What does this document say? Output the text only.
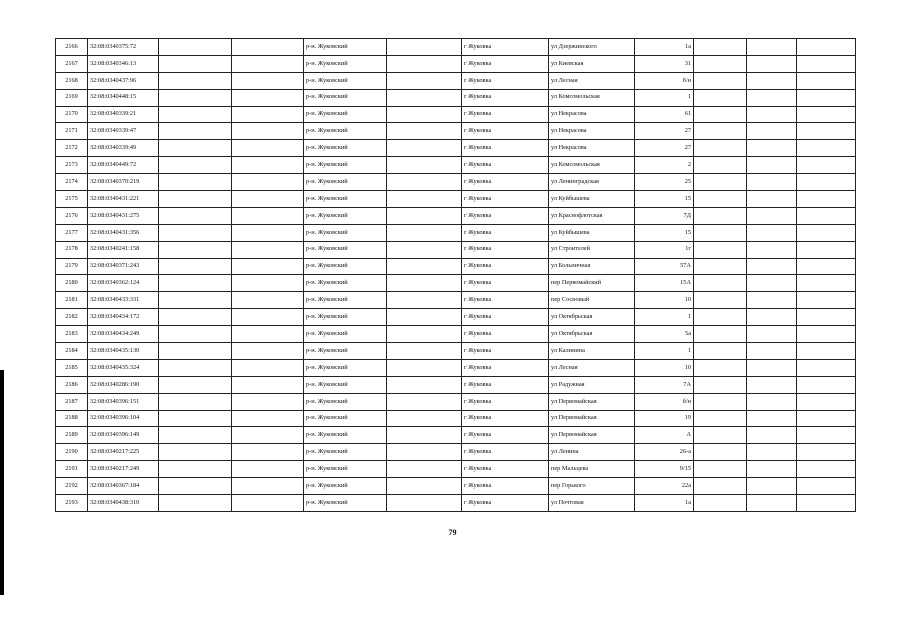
2166	32:08:0340375:72			р-н. Жуковский		г Жуковка	ул Дзержинского	1а			
2167	32:08:0340346:13			р-н. Жуковский		г Жуковка	ул Киевская	31			
2168	32:08:0340437:96			р-н. Жуковский		г Жуковка	ул Лесная	б/н			
2169	32:08:0340448:15			р-н. Жуковский		г Жуковка	ул Комсомольская	1			
2170	32:08:0340339:21			р-н. Жуковский		г Жуковка	ул Некрасова	61			
2171	32:08:0340339:47			р-н. Жуковский		г Жуковка	ул Некрасова	27			
2172	32:08:0340339:49			р-н. Жуковский		г Жуковка	ул Некрасова	27			
2173	32:08:0340449:72			р-н. Жуковский		г Жуковка	ул Комсомольская	2			
2174	32:08:0340370:219			р-н. Жуковский		г Жуковка	ул Ленинградская	25			
2175	32:08:0340431:221			р-н. Жуковский		г Жуковка	ул Куйбышева	15			
2176	32:08:0340431:275			р-н. Жуковский		г Жуковка	ул Краснофлотская	7Д			
2177	32:08:0340431:356			р-н. Жуковский		г Жуковка	ул Куйбышева	15			
2178	32:08:0340241:158			р-н. Жуковский		г Жуковка	ул Строителей	1г			
2179	32:08:0340371:243			р-н. Жуковский		г Жуковка	ул Больничная	57А			
2180	32:08:0340362:124			р-н. Жуковский		г Жуковка	пер Первомайский	15А			
2181	32:08:0340433:331			р-н. Жуковский		г Жуковка	пер Сосновый	10			
2182	32:08:0340434:172			р-н. Жуковский		г Жуковка	ул Октябрьская	1			
2183	32:08:0340434:249			р-н. Жуковский		г Жуковка	ул Октябрьская	5а			
2184	32:08:0340435:130			р-н. Жуковский		г Жуковка	ул Калинина	1			
2185	32:08:0340435:324			р-н. Жуковский		г Жуковка	ул Лесная	10			
2186	32:08:0340286:190			р-н. Жуковский		г Жуковка	ул Радужная	7А			
2187	32:08:0340396:151			р-н. Жуковский		г Жуковка	ул Первомайская	б/н			
2188	32:08:0340396:104			р-н. Жуковский		г Жуковка	ул Первомайская	19			
2189	32:08:0340396:149			р-н. Жуковский		г Жуковка	ул Первомайская	А			
2190	32:08:0340217:225			р-н. Жуковский		г Жуковка	ул Ленина	26-а			
2191	32:08:0340217:249			р-н. Жуковский		г Жуковка	пер Мальцева	9/15			
2192	32:08:0340367:184			р-н. Жуковский		г Жуковка	пер Горького	22а			
2193	32:08:0340438:310			р-н. Жуковский		г Жуковка	ул Почтовая	1а			
79
